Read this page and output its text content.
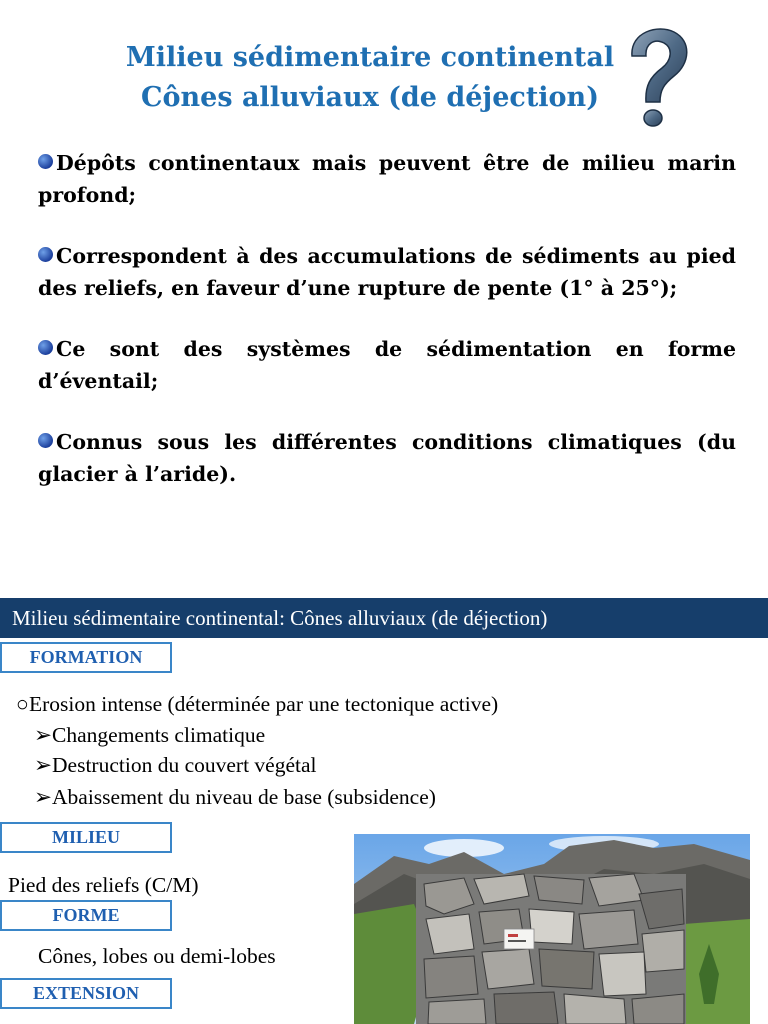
Milieu sédimentaire continental
Cônes alluviaux (de déjection)
Dépôts continentaux mais peuvent être de milieu marin profond;
Correspondent à des accumulations de sédiments au pied des reliefs, en faveur d’une rupture de pente (1° à 25°);
Ce sont des systèmes de sédimentation en forme d’éventail;
Connus sous les différentes conditions climatiques (du glacier à l’aride).
Milieu sédimentaire continental: Cônes alluviaux (de déjection)
FORMATION
○Erosion intense (déterminée par une tectonique active)
➢Changements climatique
➢Destruction du couvert végétal
➢Abaissement du niveau de base (subsidence)
MILIEU
Pied des reliefs (C/M)
FORME
Cônes, lobes ou demi-lobes
EXTENSION
